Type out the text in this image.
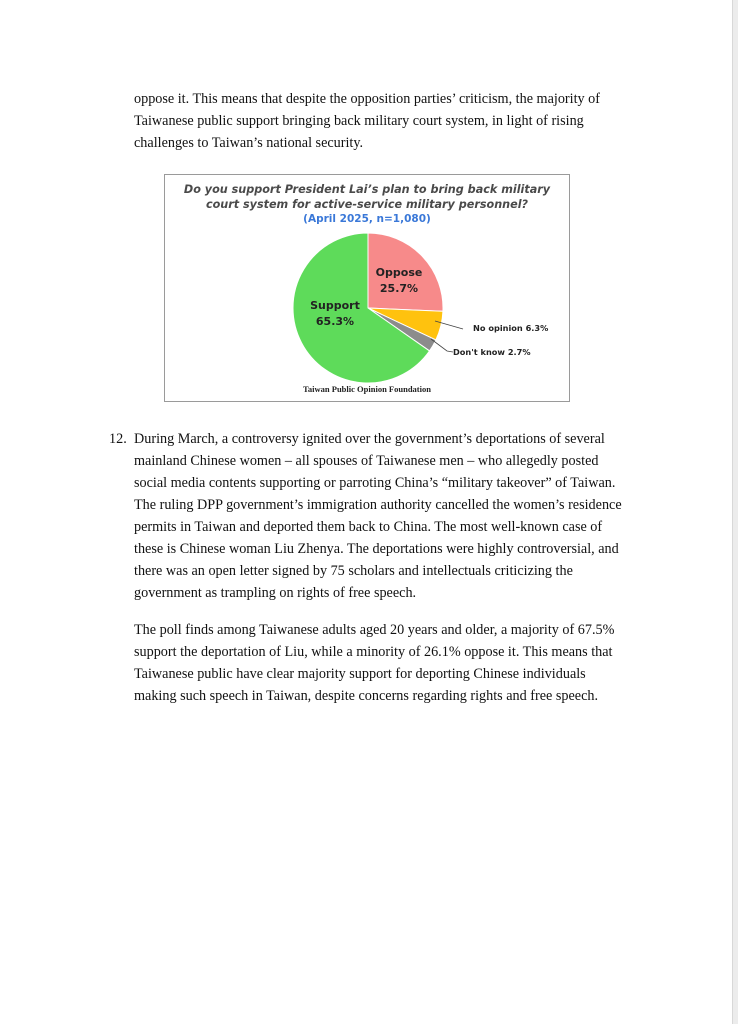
oppose it. This means that despite the opposition parties’ criticism, the majority of Taiwanese public support bringing back military court system, in light of rising challenges to Taiwan’s national security.

Do you support President Lai’s plan to bring back military
court system for active-service military personnel?
(April 2025, n=1,080)
Oppose
25.7%
Support
65.3%	No opinion 6.3%
Don't know 2.7%
Taiwan Public Opinion Foundation
12. During March, a controversy ignited over the government’s deportations of several mainland Chinese women – all spouses of Taiwanese men – who allegedly posted social media contents supporting or parroting China’s “military takeover” of Taiwan. The ruling DPP government’s immigration authority cancelled the women’s residence permits in Taiwan and deported them back to China. The most well-known case of these is Chinese woman Liu Zhenya. The deportations were highly controversial, and there was an open letter signed by 75 scholars and intellectuals criticizing the government as trampling on rights of free speech.

The poll finds among Taiwanese adults aged 20 years and older, a majority of 67.5% support the deportation of Liu, while a minority of 26.1% oppose it. This means that Taiwanese public have clear majority support for deporting Chinese individuals making such speech in Taiwan, despite concerns regarding rights and free speech.
